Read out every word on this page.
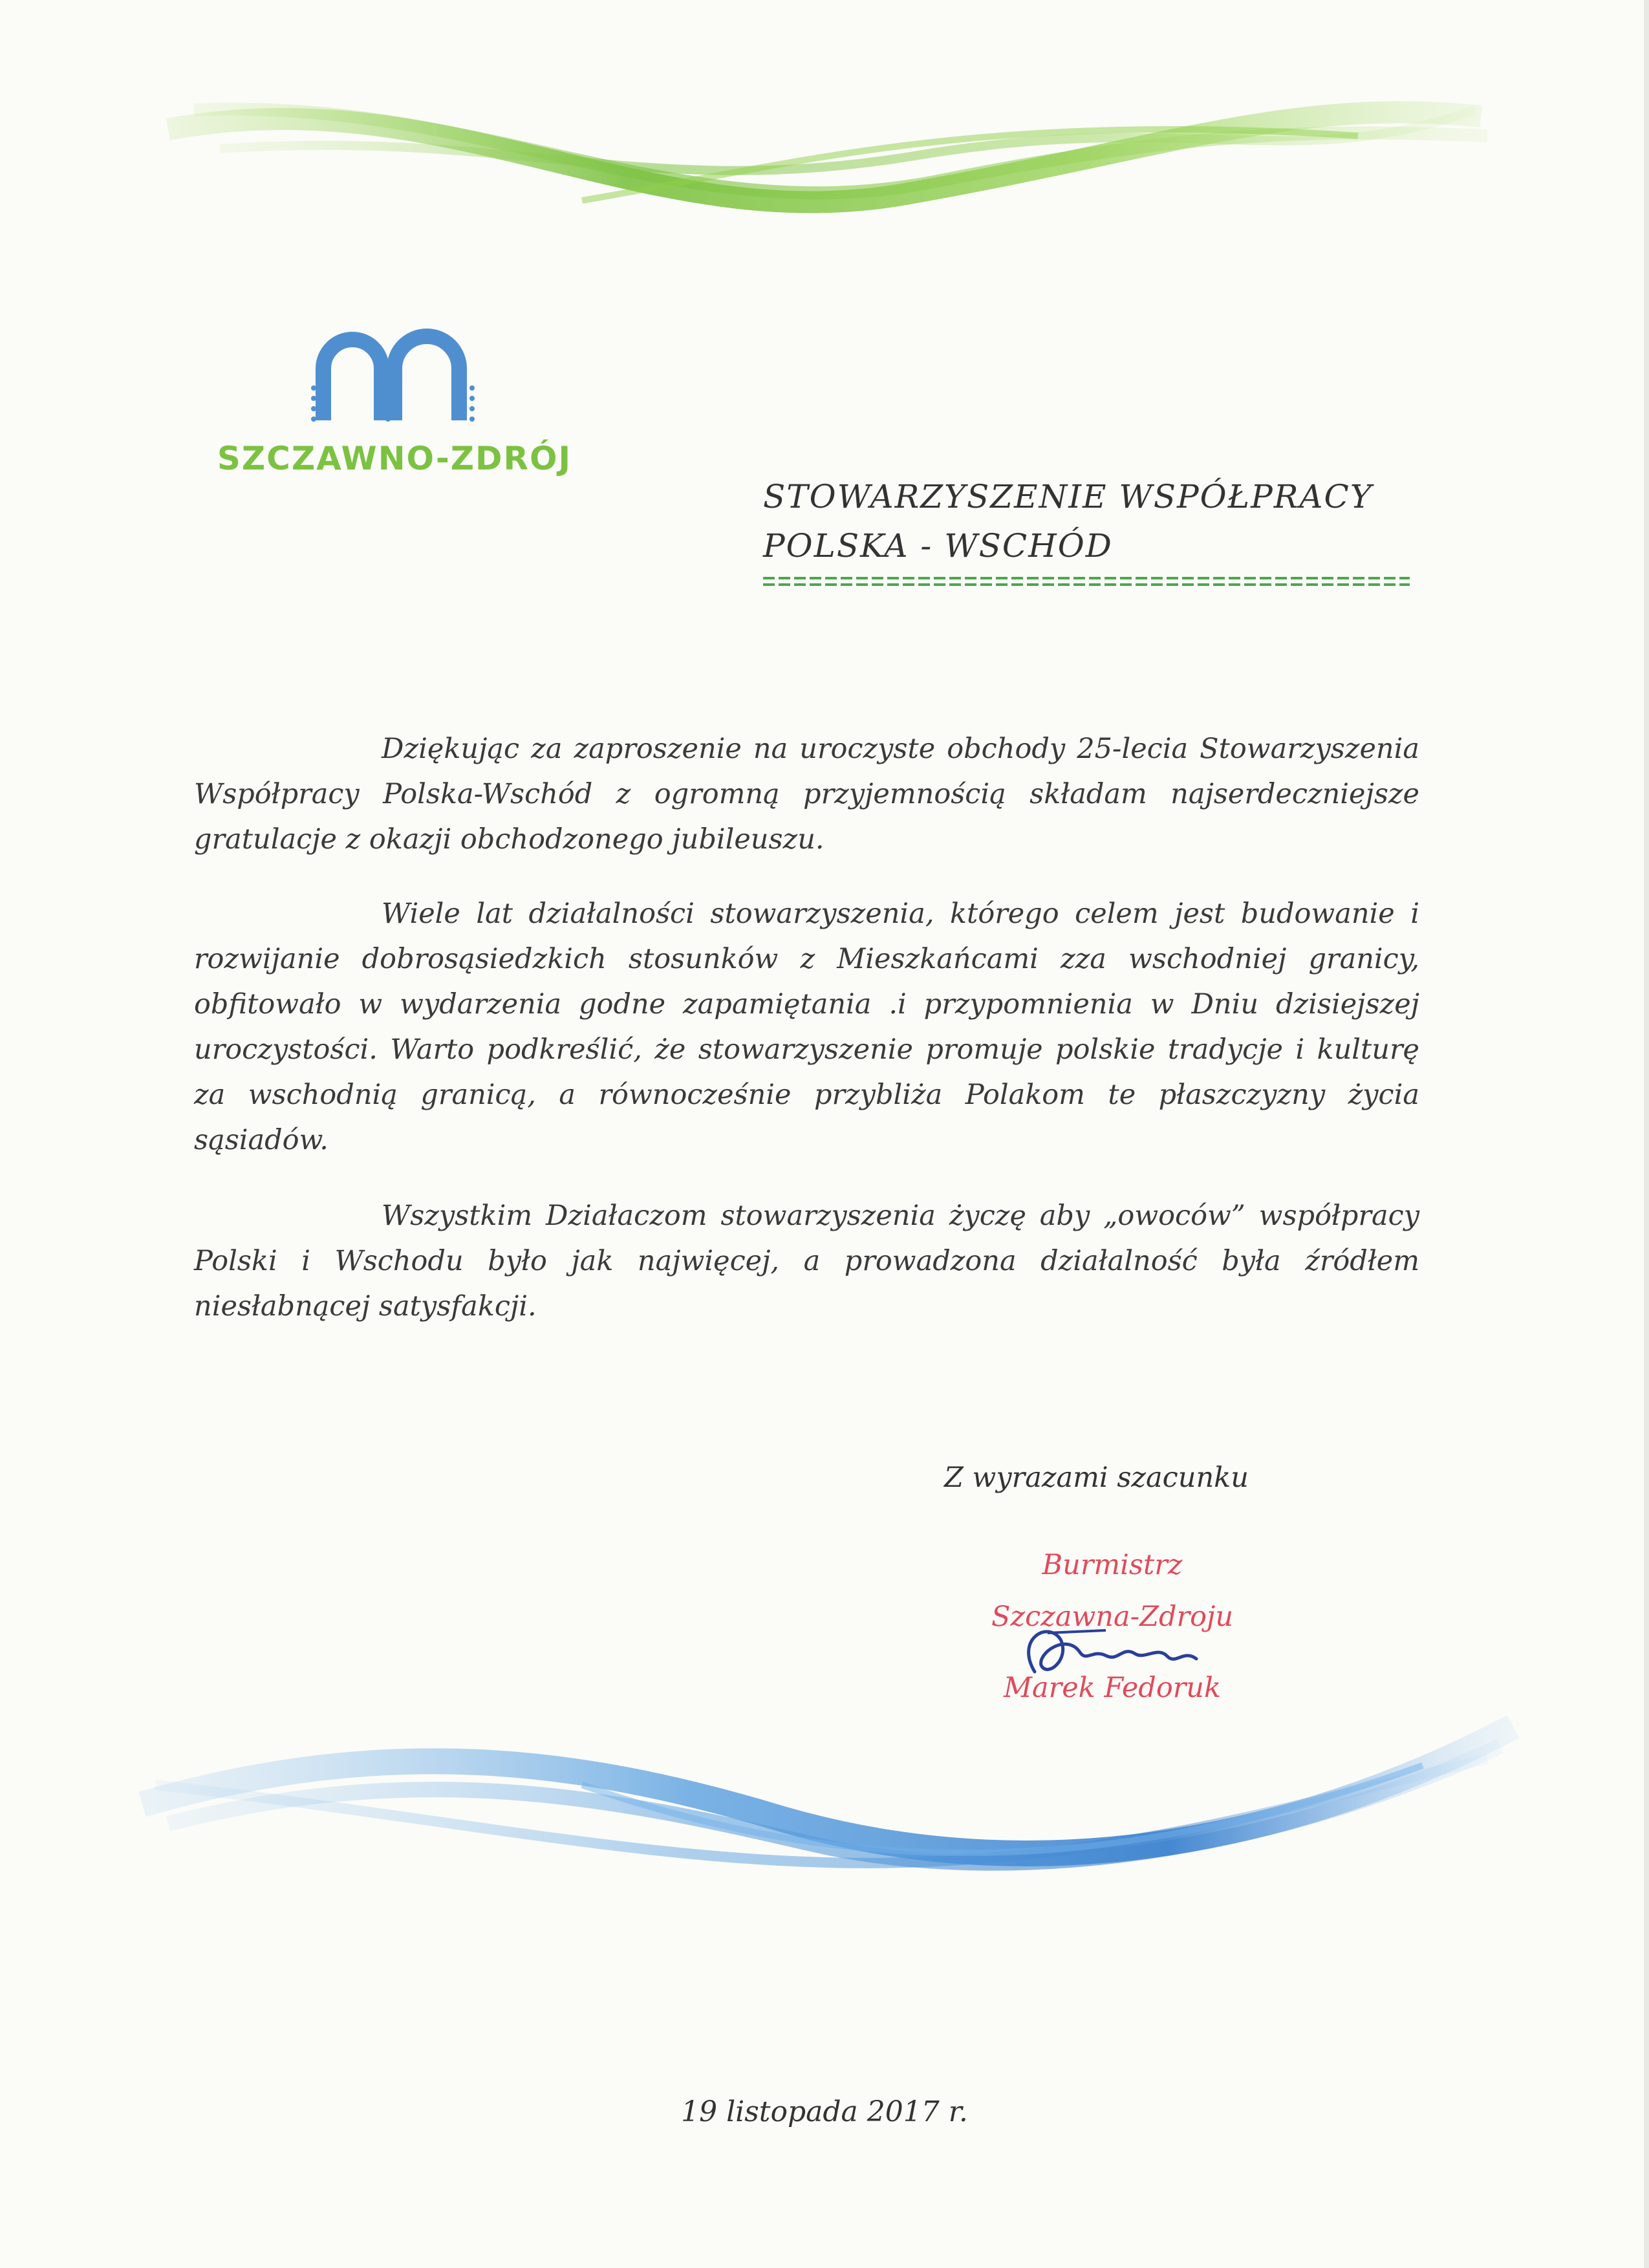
SZCZAWNO-ZDRÓJ
STOWARZYSZENIE WSPÓŁPRACY
POLSKA - WSCHÓD

Dziękując za zaproszenie na uroczyste obchody 25-lecia Stowarzyszenia Współpracy Polska-Wschód z ogromną przyjemnością składam najserdeczniejsze gratulacje z okazji obchodzonego jubileuszu.

Wiele lat działalności stowarzyszenia, którego celem jest budowanie i rozwijanie dobrosąsiedzkich stosunków z Mieszkańcami zza wschodniej granicy, obfitowało w wydarzenia godne zapamiętania .i przypomnienia w Dniu dzisiejszej uroczystości. Warto podkreślić, że stowarzyszenie promuje polskie tradycje i kulturę za wschodnią granicą, a równocześnie przybliża Polakom te płaszczyzny życia sąsiadów.

Wszystkim Działaczom stowarzyszenia życzę aby „owoców” współpracy Polski i Wschodu było jak najwięcej, a prowadzona działalność była źródłem niesłabnącej satysfakcji.

Z wyrazami szacunku
Burmistrz
Szczawna-Zdroju
Marek Fedoruk
19 listopada 2017 r.
